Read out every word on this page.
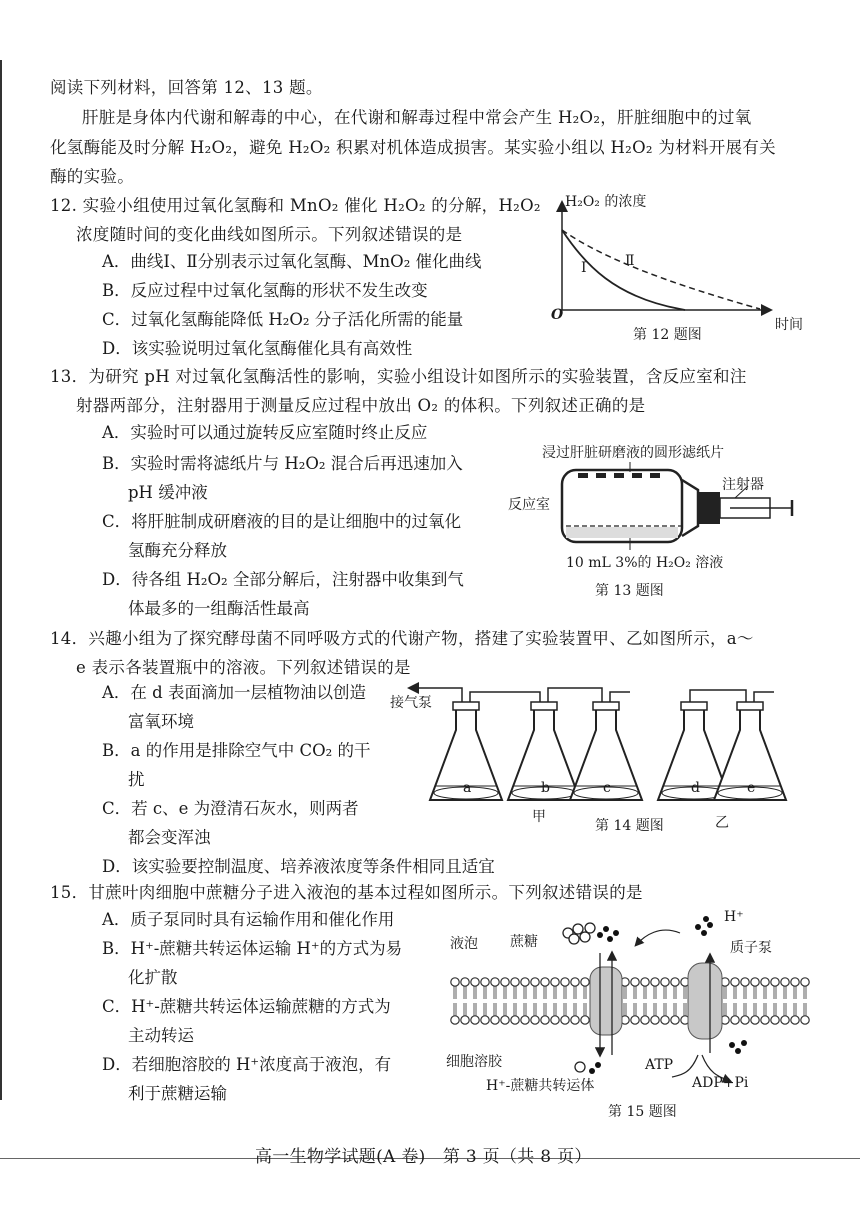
阅读下列材料，回答第 12、13 题。
肝脏是身体内代谢和解毒的中心，在代谢和解毒过程中常会产生 H₂O₂，肝脏细胞中的过氧
化氢酶能及时分解 H₂O₂，避免 H₂O₂ 积累对机体造成损害。某实验小组以 H₂O₂ 为材料开展有关
酶的实验。
12. 实验小组使用过氧化氢酶和 MnO₂ 催化 H₂O₂ 的分解，H₂O₂
浓度随时间的变化曲线如图所示。下列叙述错误的是
A．曲线Ⅰ、Ⅱ分别表示过氧化氢酶、MnO₂ 催化曲线
B．反应过程中过氧化氢酶的形状不发生改变
C．过氧化氢酶能降低 H₂O₂ 分子活化所需的能量
D．该实验说明过氧化氢酶催化具有高效性
H₂O₂ 的浓度
时间
O
Ⅰ	Ⅱ
第 12 题图
13．为研究 pH 对过氧化氢酶活性的影响，实验小组设计如图所示的实验装置，含反应室和注
射器两部分，注射器用于测量反应过程中放出 O₂ 的体积。下列叙述正确的是
A．实验时可以通过旋转反应室随时终止反应
B．实验时需将滤纸片与 H₂O₂ 混合后再迅速加入
pH 缓冲液
C．将肝脏制成研磨液的目的是让细胞中的过氧化
氢酶充分释放
D．待各组 H₂O₂ 全部分解后，注射器中收集到气
体最多的一组酶活性最高
浸过肝脏研磨液的圆形滤纸片
注射器
反应室
10 mL 3%的 H₂O₂ 溶液
第 13 题图
14．兴趣小组为了探究酵母菌不同呼吸方式的代谢产物，搭建了实验装置甲、乙如图所示，a～
e 表示各装置瓶中的溶液。下列叙述错误的是
A．在 d 表面滴加一层植物油以创造
富氧环境
B．a 的作用是排除空气中 CO₂ 的干
扰
C．若 c、e 为澄清石灰水，则两者
都会变浑浊
D．该实验要控制温度、培养液浓度等条件相同且适宜
接气泵
a	b	c	d	e
甲	乙
第 14 题图
15．甘蔗叶肉细胞中蔗糖分子进入液泡的基本过程如图所示。下列叙述错误的是
A．质子泵同时具有运输作用和催化作用
B．H⁺-蔗糖共转运体运输 H⁺的方式为易
化扩散
C．H⁺-蔗糖共转运体运输蔗糖的方式为
主动转运
D．若细胞溶胶的 H⁺浓度高于液泡，有
利于蔗糖运输
液泡 蔗糖
H⁺
质子泵
细胞溶胶	ATP
ADP+Pi
H⁺-蔗糖共转运体
第 15 题图
高一生物学试题(A 卷)　第 3 页（共 8 页）
